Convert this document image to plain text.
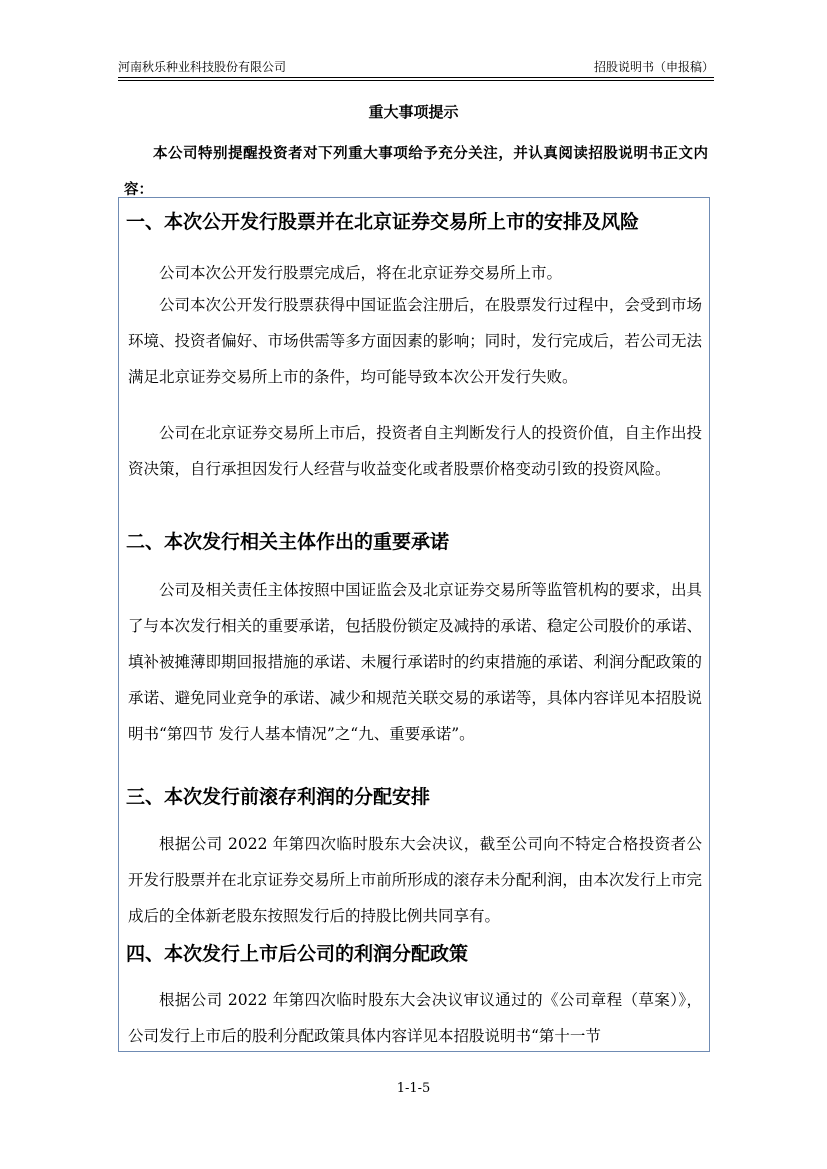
河南秋乐种业科技股份有限公司	招股说明书（申报稿）
重大事项提示
本公司特别提醒投资者对下列重大事项给予充分关注，并认真阅读招股说明书正文内容：
一、本次公开发行股票并在北京证券交易所上市的安排及风险
公司本次公开发行股票完成后，将在北京证券交易所上市。
公司本次公开发行股票获得中国证监会注册后，在股票发行过程中，会受到市场环境、投资者偏好、市场供需等多方面因素的影响；同时，发行完成后，若公司无法满足北京证券交易所上市的条件，均可能导致本次公开发行失败。
公司在北京证券交易所上市后，投资者自主判断发行人的投资价值，自主作出投资决策，自行承担因发行人经营与收益变化或者股票价格变动引致的投资风险。
二、本次发行相关主体作出的重要承诺
公司及相关责任主体按照中国证监会及北京证券交易所等监管机构的要求，出具了与本次发行相关的重要承诺，包括股份锁定及减持的承诺、稳定公司股价的承诺、填补被摊薄即期回报措施的承诺、未履行承诺时的约束措施的承诺、利润分配政策的承诺、避免同业竞争的承诺、减少和规范关联交易的承诺等，具体内容详见本招股说明书“第四节 发行人基本情况”之“九、重要承诺”。
三、本次发行前滚存利润的分配安排
根据公司 2022 年第四次临时股东大会决议，截至公司向不特定合格投资者公开发行股票并在北京证券交易所上市前所形成的滚存未分配利润，由本次发行上市完成后的全体新老股东按照发行后的持股比例共同享有。
四、本次发行上市后公司的利润分配政策
根据公司 2022 年第四次临时股东大会决议审议通过的《公司章程（草案）》，公司发行上市后的股利分配政策具体内容详见本招股说明书“第十一节
1-1-5
